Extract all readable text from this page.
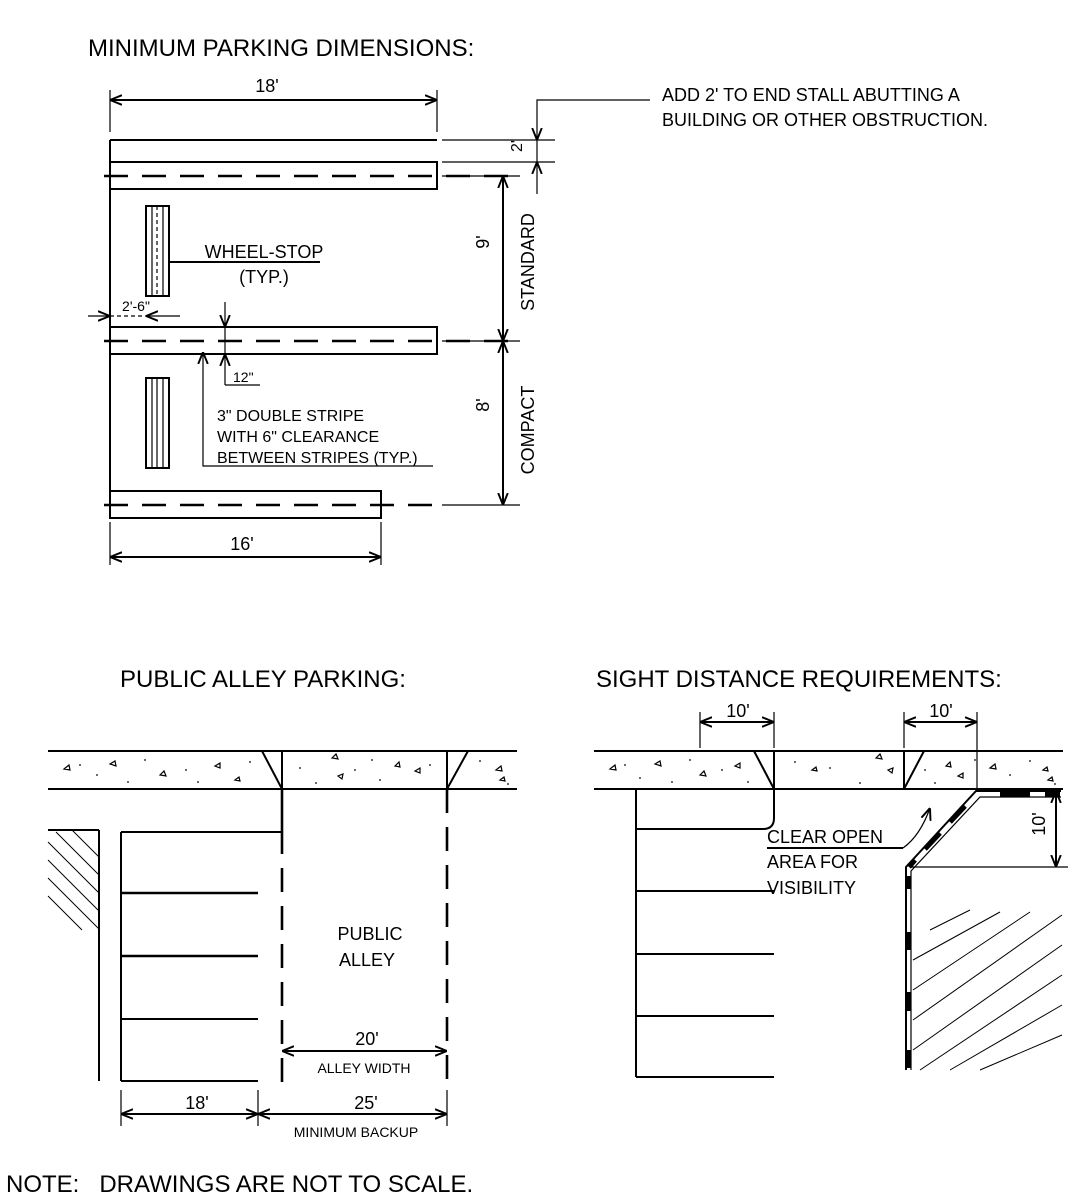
MINIMUM PARKING DIMENSIONS:
18'
2'
9' STANDARD
8' COMPACT
ADD 2' TO END STALL ABUTTING A
BUILDING OR OTHER OBSTRUCTION.
WHEEL-STOP
(TYP.)
2'-6"
12"
3" DOUBLE STRIPE
WITH 6" CLEARANCE
BETWEEN STRIPES (TYP.)
16'
PUBLIC ALLEY PARKING:
PUBLIC
ALLEY
20'
ALLEY WIDTH
18'	25'
MINIMUM BACKUP
SIGHT DISTANCE REQUIREMENTS:
10'	10'
10'
CLEAR OPEN
AREA FOR
VISIBILITY
NOTE:   DRAWINGS ARE NOT TO SCALE.
